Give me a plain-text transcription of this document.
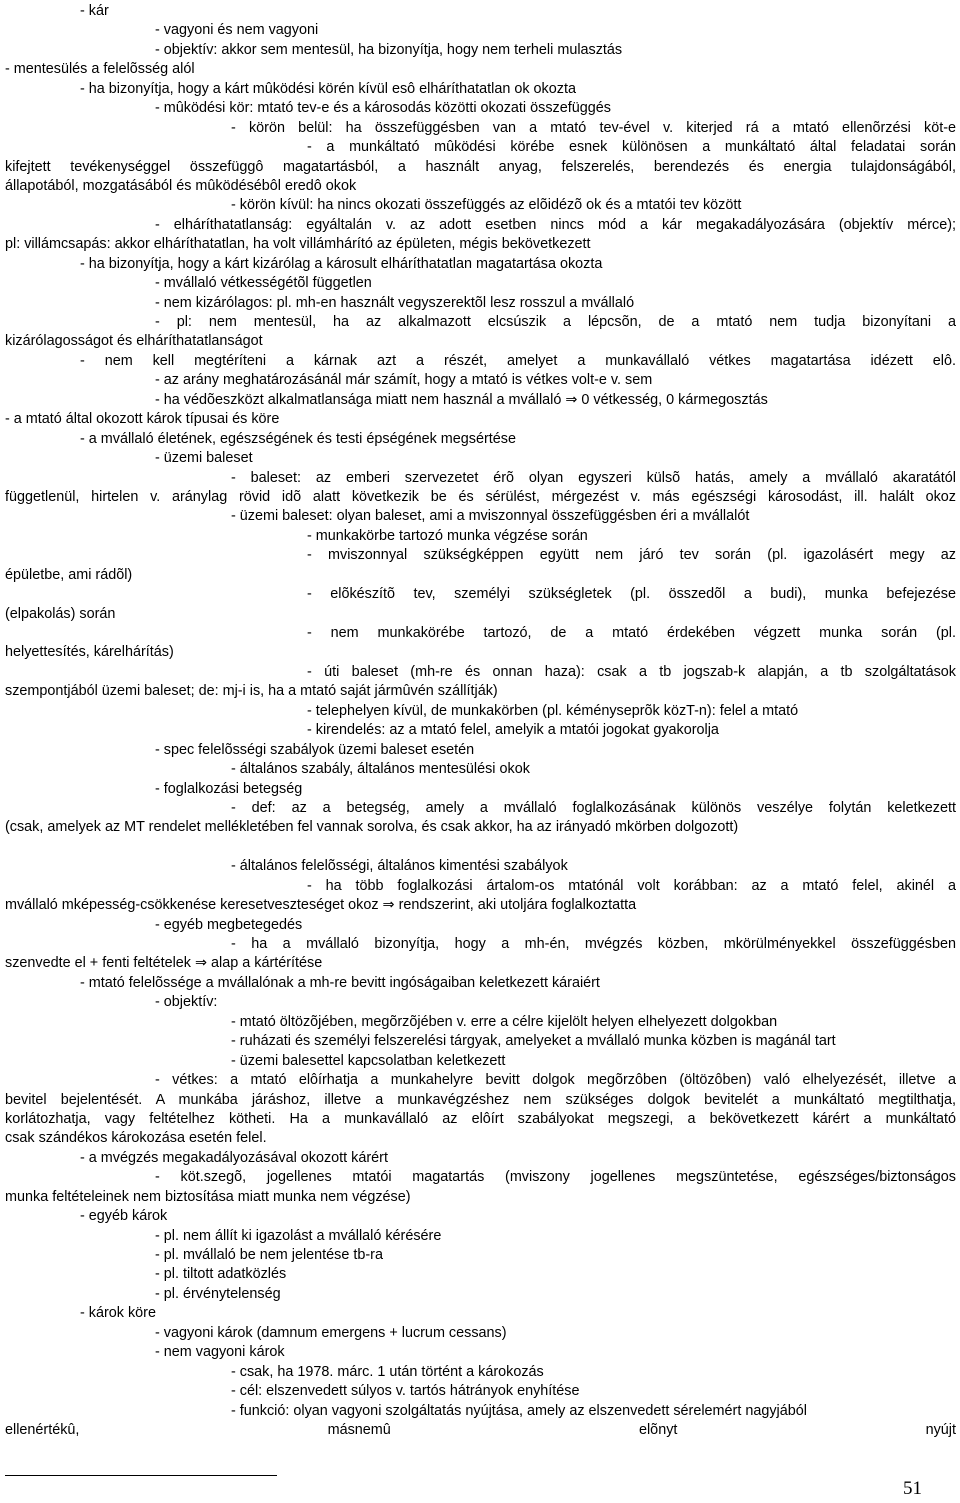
- kár
- vagyoni és nem vagyoni
- objektív: akkor sem mentesül, ha bizonyítja, hogy nem terheli mulasztás
- mentesülés a felelõsség alól
- ha bizonyítja, hogy a kárt mûködési körén kívül esô elháríthatatlan ok okozta
- mûködési kör: mtató tev-e és a károsodás közötti okozati összefüggés
- körön belül: ha összefüggésben van a mtató tev-ével v. kiterjed rá a mtató ellenõrzési köt-e
- a munkáltató mûködési körébe esnek különösen a munkáltató által feladatai során
kifejtett tevékenységgel összefüggô magatartásból, a használt anyag, felszerelés, berendezés és energia tulajdonságából,
állapotából, mozgatásából és mûködésébôl eredô okok
- körön kívül: ha nincs okozati összefüggés az elõidézõ ok és a mtatói tev között
- elháríthatatlanság: egyáltalán v. az adott esetben nincs mód a kár megakadályozására (objektív mérce);
pl: villámcsapás: akkor elháríthatatlan, ha volt villámhárító az épületen, mégis bekövetkezett
- ha bizonyítja, hogy a kárt kizárólag a károsult elháríthatatlan magatartása okozta
- mvállaló vétkességétõl független
- nem kizárólagos: pl. mh-en használt vegyszerektõl lesz rosszul a mvállaló
- pl: nem mentesül, ha az alkalmazott elcsúszik a lépcsõn, de a mtató nem tudja bizonyítani a
kizárólagosságot és elháríthatatlanságot
- nem kell megtéríteni a kárnak azt a részét, amelyet a munkavállaló vétkes magatartása idézett elô.
- az arány meghatározásánál már számít, hogy a mtató is vétkes volt-e v. sem
- ha védõeszközt alkalmatlansága miatt nem használ a mvállaló ⇒ 0 vétkesség, 0 kármegosztás
- a mtató által okozott károk típusai és köre
- a mvállaló életének, egészségének és testi épségének megsértése
- üzemi baleset
- baleset: az emberi szervezetet érõ olyan egyszeri külsõ hatás, amely a mvállaló akaratától
függetlenül, hirtelen v. aránylag rövid idõ alatt következik be és sérülést, mérgezést v. más egészségi károsodást, ill. halált okoz
- üzemi baleset: olyan baleset, ami a mviszonnyal összefüggésben éri a mvállalót
- munkakörbe tartozó munka végzése során
- mviszonnyal szükségképpen együtt nem járó tev során (pl. igazolásért megy az
épületbe, ami rádõl)
- elõkészítõ tev, személyi szükségletek (pl. összedõl a budi), munka befejezése
(elpakolás) során
- nem munkakörébe tartozó, de a mtató érdekében végzett munka során (pl.
helyettesítés, kárelhárítás)
- úti baleset (mh-re és onnan haza): csak a tb jogszab-k alapján, a tb szolgáltatások
szempontjából üzemi baleset; de: mj-i is, ha a mtató saját jármûvén szállítják)
- telephelyen kívül, de munkakörben (pl. kéményseprõk közT-n): felel a mtató
- kirendelés: az a mtató felel, amelyik a mtatói jogokat gyakorolja
- spec felelõsségi szabályok üzemi baleset esetén
- általános szabály, általános mentesülési okok
- foglalkozási betegség
- def: az a betegség, amely a mvállaló foglalkozásának különös veszélye folytán keletkezett
(csak, amelyek az MT rendelet mellékletében fel vannak sorolva, és csak akkor, ha az irányadó mkörben dolgozott)
- általános felelõsségi, általános kimentési szabályok
- ha több foglalkozási ártalom-os mtatónál volt korábban: az a mtató felel, akinél a
mvállaló mképesség-csökkenése keresetveszteséget okoz ⇒ rendszerint, aki utoljára foglalkoztatta
- egyéb megbetegedés
- ha a mvállaló bizonyítja, hogy a mh-én, mvégzés közben, mkörülményekkel összefüggésben
szenvedte el + fenti feltételek ⇒ alap a kártérítése
- mtató felelõssége a mvállalónak a mh-re bevitt ingóságaiban keletkezett káraiért
- objektív:
- mtató öltözõjében, megõrzõjében v. erre a célre kijelölt helyen elhelyezett dolgokban
- ruházati és személyi felszerelési tárgyak, amelyeket a mvállaló munka közben is magánál tart
- üzemi balesettel kapcsolatban keletkezett
- vétkes: a mtató elôírhatja a munkahelyre bevitt dolgok megõrzôben (öltözôben) való elhelyezését, illetve a
bevitel bejelentését. A munkába járáshoz, illetve a munkavégzéshez nem szükséges dolgok bevitelét a munkáltató megtilthatja,
korlátozhatja, vagy feltételhez kötheti. Ha a munkavállaló az elôírt szabályokat megszegi, a bekövetkezett kárért a munkáltató
csak szándékos károkozása esetén felel.
- a mvégzés megakadályozásával okozott kárért
- köt.szegõ, jogellenes mtatói magatartás (mviszony jogellenes megszüntetése, egészséges/biztonságos
munka feltételeinek nem biztosítása miatt munka nem végzése)
- egyéb károk
- pl. nem állít ki igazolást a mvállaló kérésére
- pl. mvállaló be nem jelentése tb-ra
- pl. tiltott adatközlés
- pl. érvénytelenség
- károk köre
- vagyoni károk (damnum emergens + lucrum cessans)
- nem vagyoni károk
- csak, ha 1978. márc. 1 után történt a károkozás
- cél: elszenvedett súlyos v. tartós hátrányok enyhítése
- funkció: olyan vagyoni szolgáltatás nyújtása, amely az elszenvedett sérelemért nagyjából
ellenértékû, másnemû elõnyt nyújt
51
